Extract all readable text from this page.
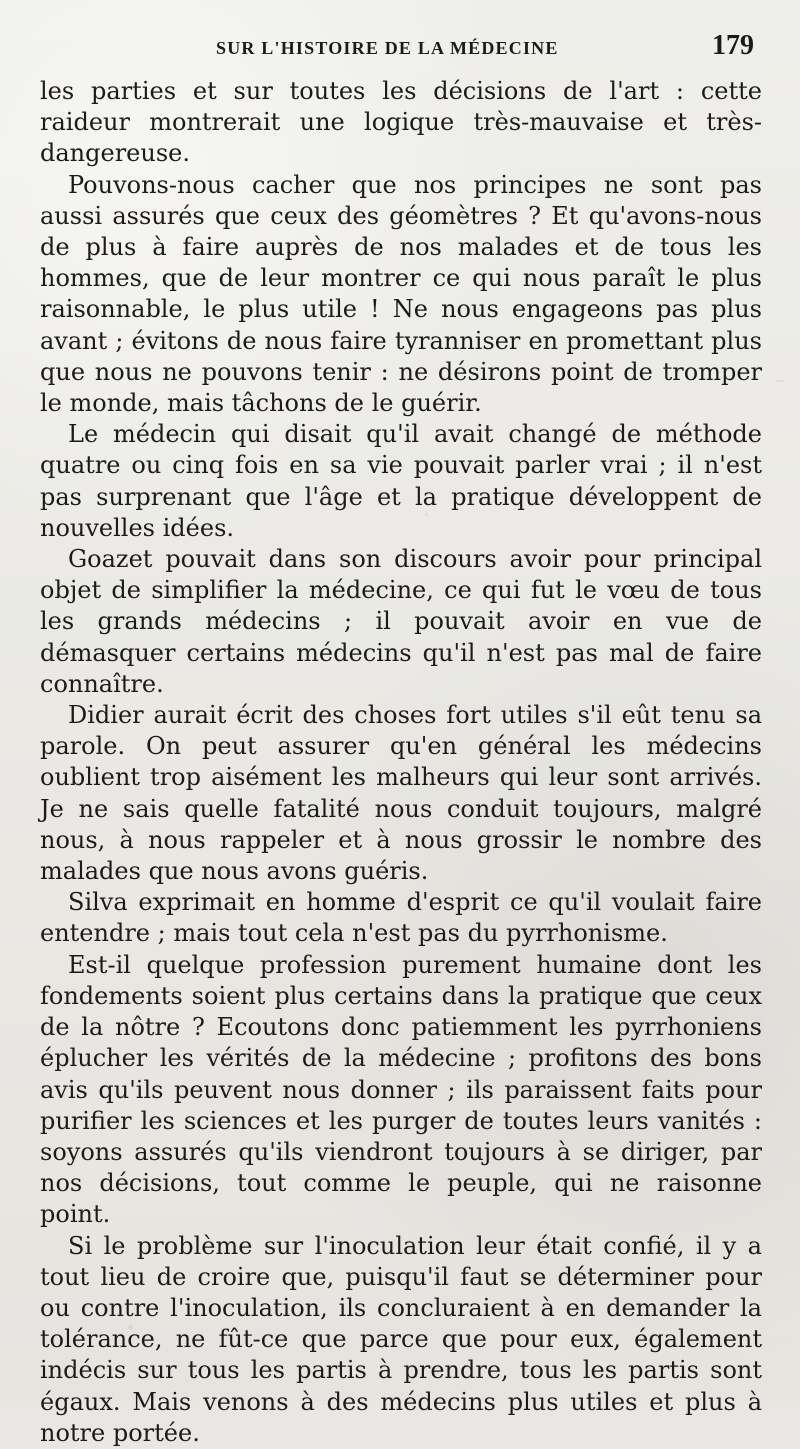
SUR L'HISTOIRE DE LA MÉDECINE	179

les parties et sur toutes les décisions de l'art : cette raideur montrerait une logique très-mauvaise et très-dangereuse.

Pouvons-nous cacher que nos principes ne sont pas aussi assurés que ceux des géomètres ? Et qu'avons-nous de plus à faire auprès de nos malades et de tous les hommes, que de leur montrer ce qui nous paraît le plus raisonnable, le plus utile ! Ne nous engageons pas plus avant ; évitons de nous faire tyranniser en promettant plus que nous ne pouvons tenir : ne désirons point de tromper le monde, mais tâchons de le guérir.

Le médecin qui disait qu'il avait changé de méthode quatre ou cinq fois en sa vie pouvait parler vrai ; il n'est pas surprenant que l'âge et la pratique développent de nouvelles idées.

Goazet pouvait dans son discours avoir pour principal objet de simplifier la médecine, ce qui fut le vœu de tous les grands médecins ; il pouvait avoir en vue de démasquer certains médecins qu'il n'est pas mal de faire connaître.

Didier aurait écrit des choses fort utiles s'il eût tenu sa parole. On peut assurer qu'en général les médecins oublient trop aisément les malheurs qui leur sont arrivés. Je ne sais quelle fatalité nous conduit toujours, malgré nous, à nous rappeler et à nous grossir le nombre des malades que nous avons guéris.

Silva exprimait en homme d'esprit ce qu'il voulait faire entendre ; mais tout cela n'est pas du pyrrhonisme.

Est-il quelque profession purement humaine dont les fondements soient plus certains dans la pratique que ceux de la nôtre ? Ecoutons donc patiemment les pyrrhoniens éplucher les vérités de la médecine ; profitons des bons avis qu'ils peuvent nous donner ; ils paraissent faits pour purifier les sciences et les purger de toutes leurs vanités : soyons assurés qu'ils viendront toujours à se diriger, par nos décisions, tout comme le peuple, qui ne raisonne point.

Si le problème sur l'inoculation leur était confié, il y a tout lieu de croire que, puisqu'il faut se déterminer pour ou contre l'inoculation, ils concluraient à en demander la tolérance, ne fût-ce que parce que pour eux, également indécis sur tous les partis à prendre, tous les partis sont égaux. Mais venons à des médecins plus utiles et plus à notre portée.
